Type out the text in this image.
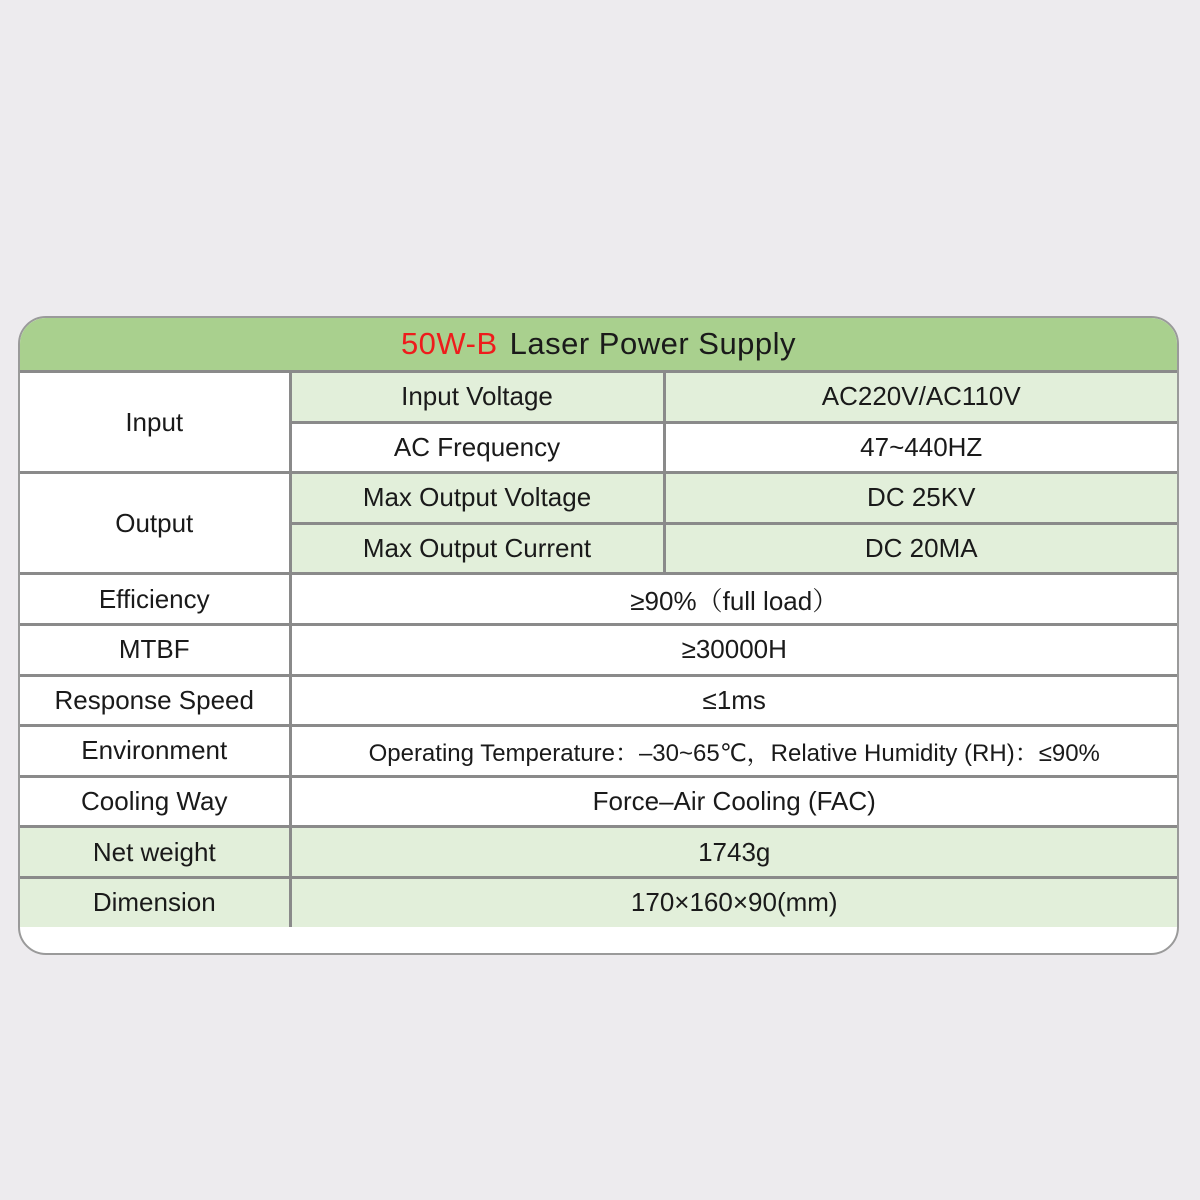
50W-B Laser Power Supply
Input	Input Voltage	AC220V/AC110V
	AC Frequency	47~440HZ
Output	Max Output Voltage	DC 25KV
	Max Output Current	DC 20MA
Efficiency	≥90%（full load）	
MTBF	≥30000H	
Response Speed	≤1ms	
Environment	Operating Temperature：–30~65℃，Relative Humidity (RH)：≤90%	
Cooling Way	Force–Air Cooling (FAC)	
Net weight	1743g	
Dimension	170×160×90(mm)	
